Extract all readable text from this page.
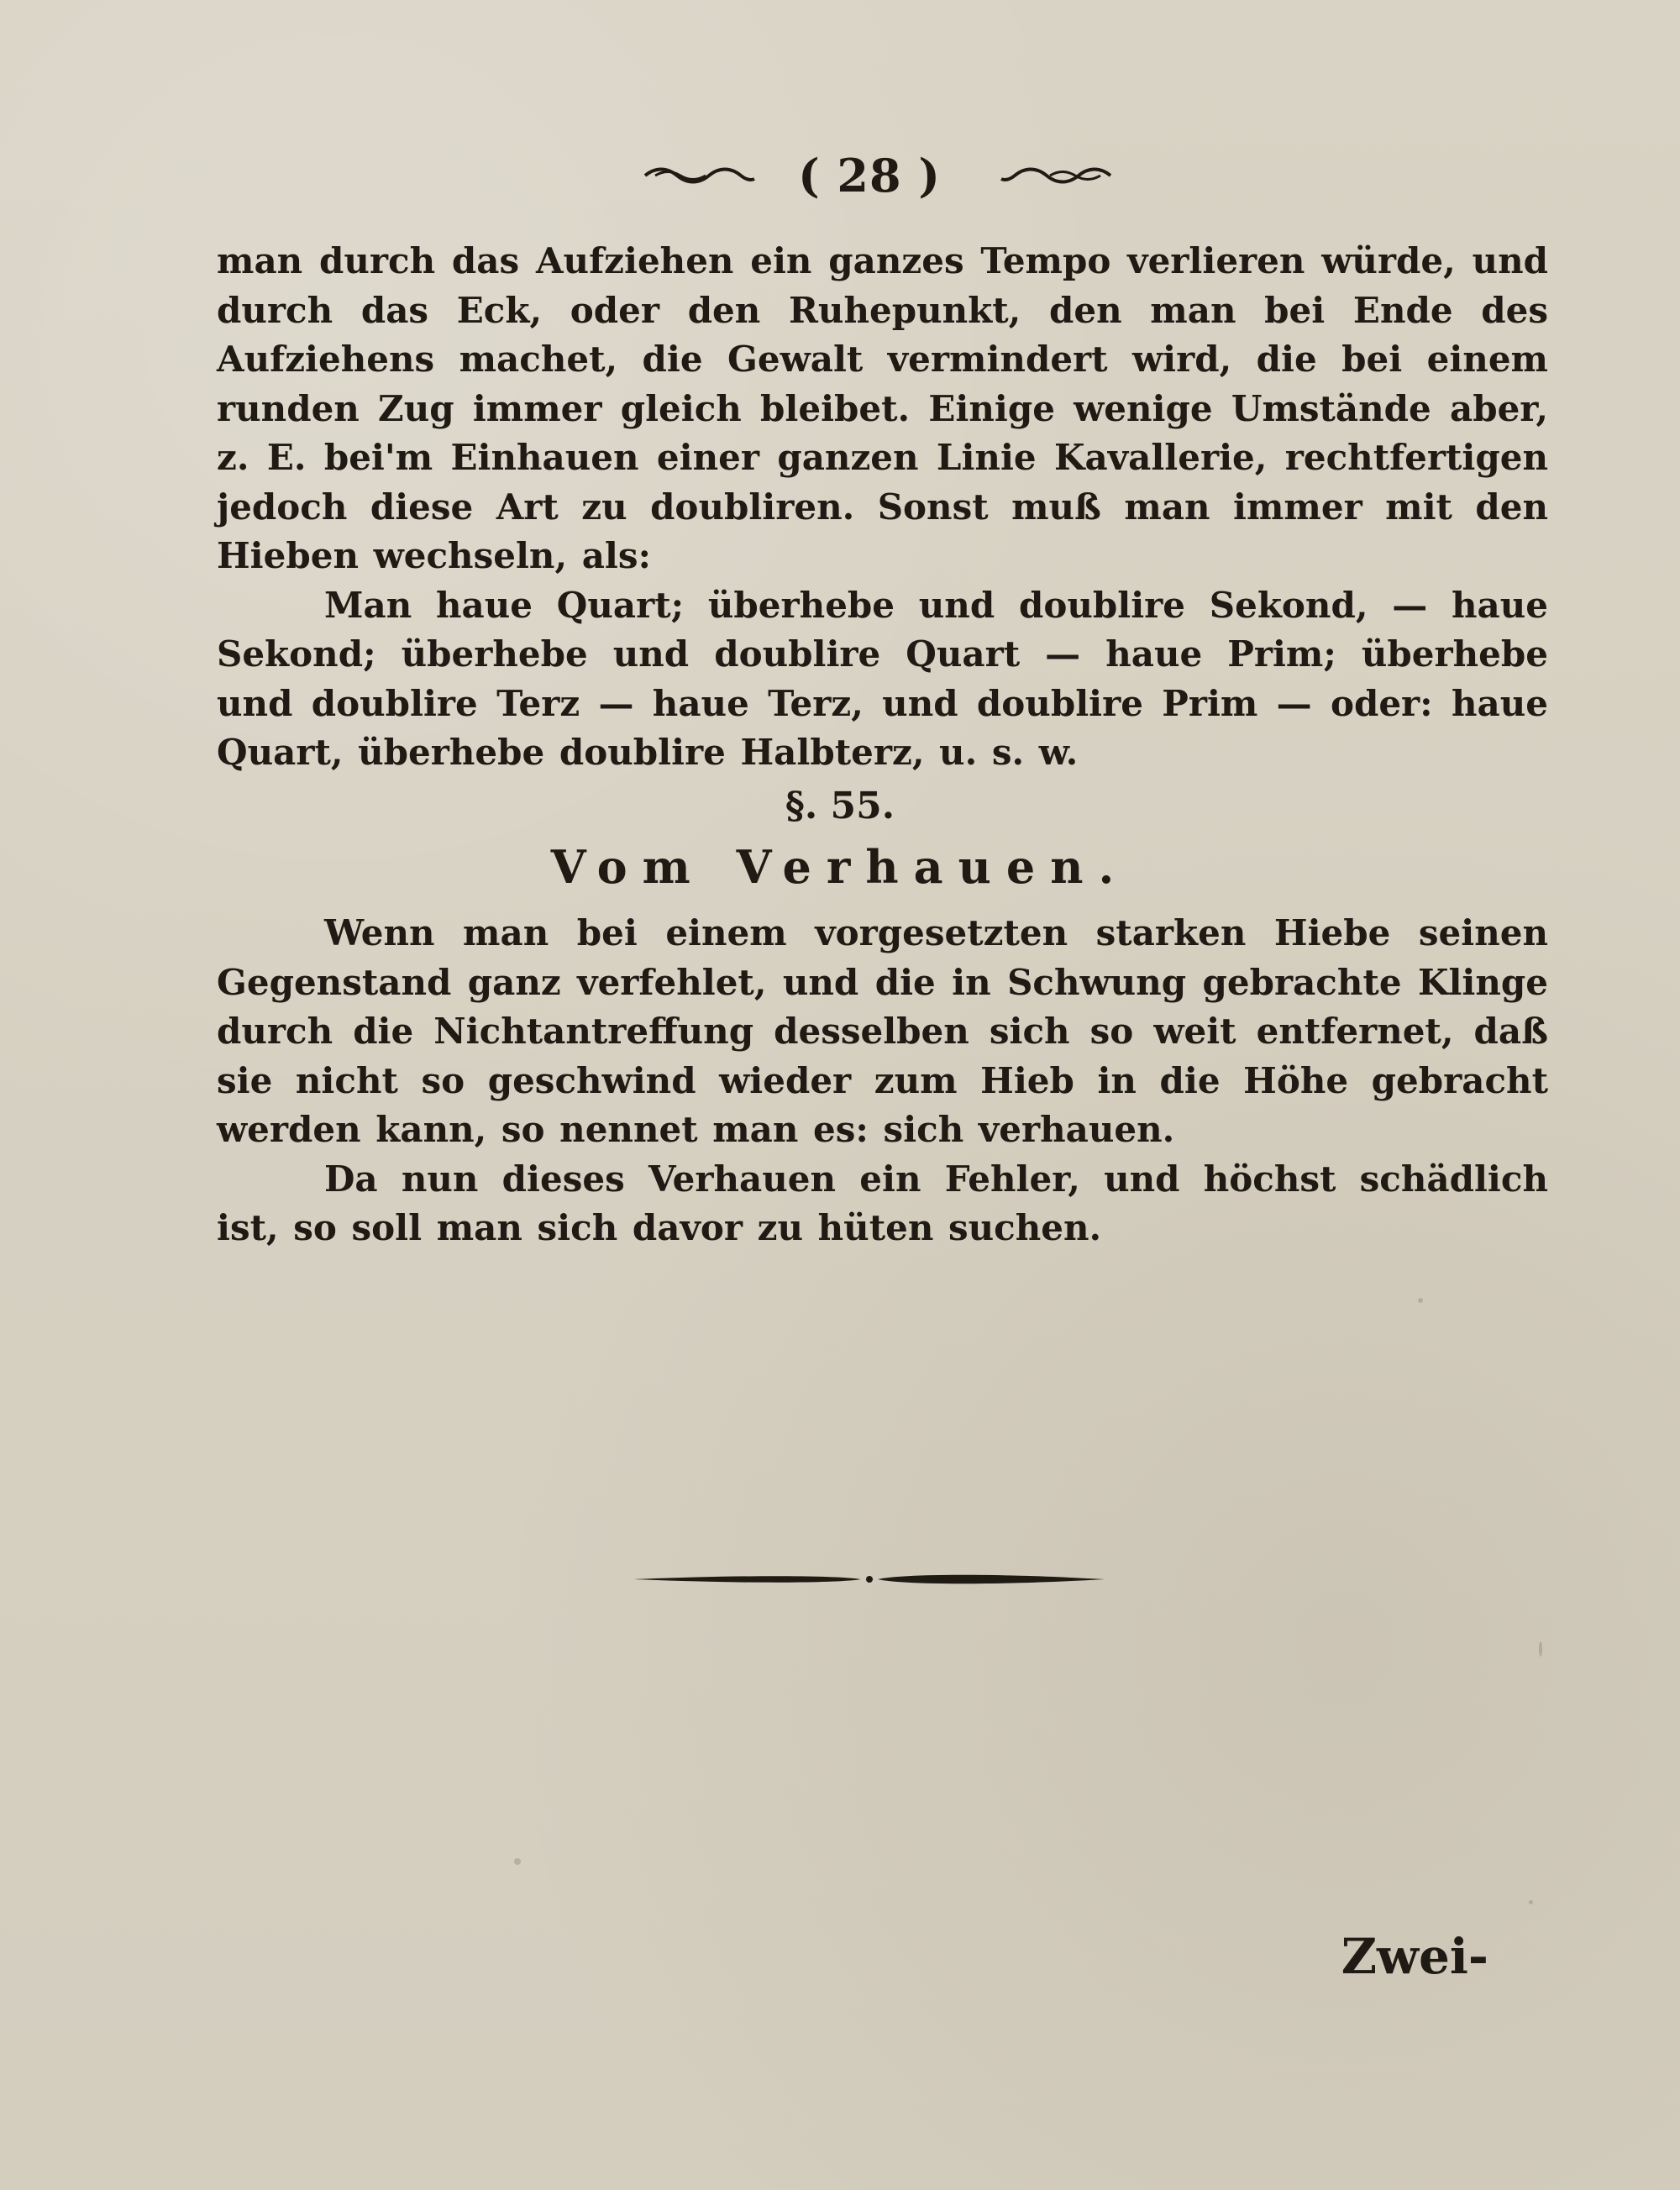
( 28 )

man durch das Aufziehen ein ganzes Tempo verlieren würde, und durch das Eck, oder den Ruhepunkt, den man bei Ende des Aufziehens machet, die Gewalt vermindert wird, die bei einem runden Zug immer gleich bleibet. Einige wenige Umstände aber, z. E. bei'm Einhauen einer ganzen Linie Kavallerie, rechtfertigen jedoch diese Art zu doubliren. Sonst muß man immer mit den Hieben wechseln, als:

Man haue Quart; überhebe und doublire Sekond, — haue Sekond; überhebe und doublire Quart — haue Prim; überhebe und doublire Terz — haue Terz, und doublire Prim — oder: haue Quart, überhebe doublire Halbterz, u. s. w.

§. 55.
Vom Verhauen.

Wenn man bei einem vorgesetzten starken Hiebe seinen Gegenstand ganz verfehlet, und die in Schwung gebrachte Klinge durch die Nichtantreffung desselben sich so weit entfernet, daß sie nicht so geschwind wieder zum Hieb in die Höhe gebracht werden kann, so nennet man es: sich verhauen.

Da nun dieses Verhauen ein Fehler, und höchst schädlich ist, so soll man sich davor zu hüten suchen.

Zwei-
